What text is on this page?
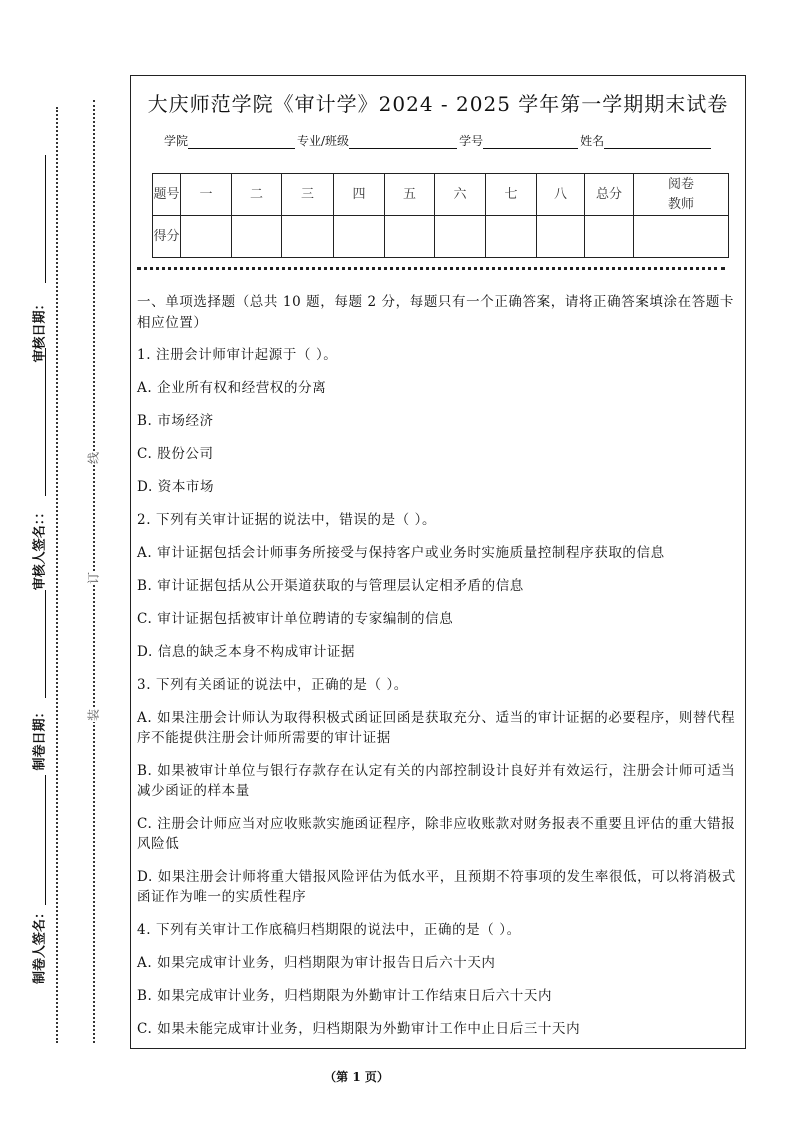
审核日期：
审核人签名：：
制卷日期：
制卷人签名：
线
订
装
大庆师范学院《审计学》2024 - 2025 学年第一学期期末试卷
学院	专业/班级	学号	姓名
题号	一	二	三	四	五	六	七	八	总分	阅卷教师
得分										
一、单项选择题（总共 10 题，每题 2 分，每题只有一个正确答案，请将正确答案填涂在答题卡相应位置）
1. 注册会计师审计起源于（ ）。
A. 企业所有权和经营权的分离
B. 市场经济
C. 股份公司
D. 资本市场
2. 下列有关审计证据的说法中，错误的是（ ）。
A. 审计证据包括会计师事务所接受与保持客户或业务时实施质量控制程序获取的信息
B. 审计证据包括从公开渠道获取的与管理层认定相矛盾的信息
C. 审计证据包括被审计单位聘请的专家编制的信息
D. 信息的缺乏本身不构成审计证据
3. 下列有关函证的说法中，正确的是（ ）。
A. 如果注册会计师认为取得积极式函证回函是获取充分、适当的审计证据的必要程序，则替代程序不能提供注册会计师所需要的审计证据
B. 如果被审计单位与银行存款存在认定有关的内部控制设计良好并有效运行，注册会计师可适当减少函证的样本量
C. 注册会计师应当对应收账款实施函证程序，除非应收账款对财务报表不重要且评估的重大错报风险低
D. 如果注册会计师将重大错报风险评估为低水平，且预期不符事项的发生率很低，可以将消极式函证作为唯一的实质性程序
4. 下列有关审计工作底稿归档期限的说法中，正确的是（ ）。
A. 如果完成审计业务，归档期限为审计报告日后六十天内
B. 如果完成审计业务，归档期限为外勤审计工作结束日后六十天内
C. 如果未能完成审计业务，归档期限为外勤审计工作中止日后三十天内
（第 1 页）
